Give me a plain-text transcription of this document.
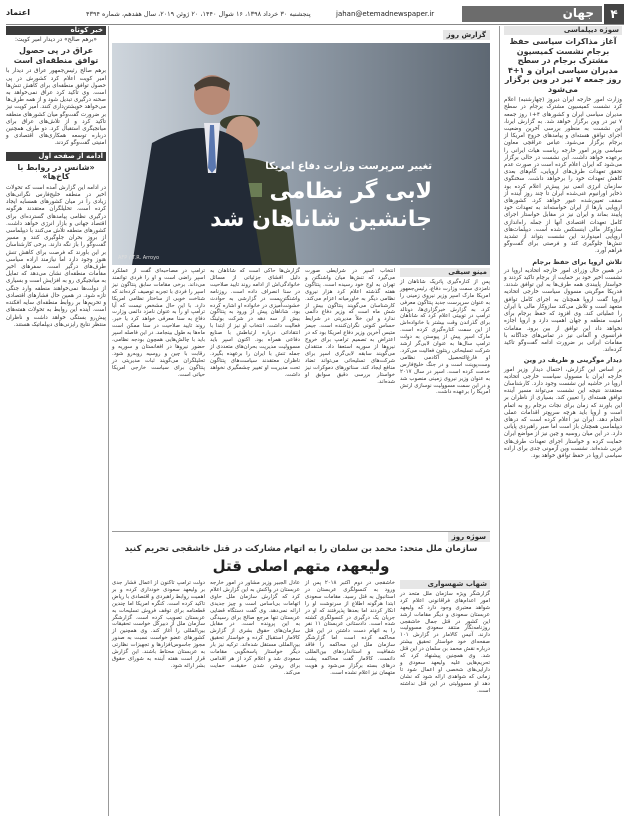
۴
جهان
jahan@etemadnewspaper.ir
پنجشنبه ۳۰ خرداد ۱۳۹۸، ۱۶ شوال ۱۴۴۰، ۲۰ ژوئن ۲۰۱۹، سال هفدهم، شماره ۴۳۹۴
اعتماد
سوژه دیپلماسی
آغاز مذاکرات سیاسی حفظ برجام نشست کمیسیون مشترک برجام در سطح مدیران سیاسی ایران و ۱+۴ روز جمعه ۷ تیر در وین برگزار می‌شود
وزارت امور خارجه ایران دیروز (چهارشنبه) اعلام کرد نشست کمیسیون مشترک برجام در سطح مدیران سیاسی ایران و کشورهای ۴+۱ روز جمعه ۷ تیر در وین برگزار خواهد شد. به گزارش ایرنا، این نشست به منظور بررسی آخرین وضعیت اجرای توافق هسته‌ای و پیامدهای خروج امریکا از برجام برگزار می‌شود. عباس عراقچی معاون سیاسی وزیر امور خارجه ریاست هیات ایرانی را برعهده خواهد داشت. این نشست در حالی برگزار می‌شود که ایران اعلام کرده است در صورت عدم تحقق تعهدات طرف‌های اروپایی، گام‌های بعدی کاهش تعهدات خود را برخواهد داشت. سخنگوی سازمان انرژی اتمی نیز پیش‌تر اعلام کرده بود ذخایر اورانیوم غنی‌شده ایران تا چند روز آینده از سقف تعیین‌شده عبور خواهد کرد. کشورهای اروپایی بارها از ایران خواسته‌اند به تعهدات خود پایبند بماند و ایران نیز در مقابل خواستار اجرای کامل تعهدات اقتصادی آنها از جمله راه‌اندازی سازوکار مالی اینستکس شده است. دیپلمات‌های اروپایی امیدوارند این نشست بتواند از تشدید تنش‌ها جلوگیری کند و فرصتی برای گفت‌وگو فراهم آورد.
تلاش اروپا برای حفظ برجام
در همین حال وزرای امور خارجه اتحادیه اروپا در نشست اخیر خود بر حمایت از برجام تاکید کردند و خواستار پایبندی همه طرف‌ها به این توافق شدند. فدریکا موگرینی مسوول سیاست خارجی اتحادیه اروپا گفت اروپا همچنان به اجرای کامل توافق متعهد است و تلاش می‌کند سازوکار مالی با ایران را عملیاتی کند. وی افزود که حفظ برجام برای امنیت منطقه و جهان اهمیت دارد و اروپا اجازه نخواهد داد این توافق از بین برود. مقامات فرانسوی و آلمانی نیز در تماس‌های جداگانه با مقامات ایرانی بر ضرورت ادامه گفت‌وگو تاکید کرده‌اند.
دیدار موگرینی و ظریف در وین
بر اساس این گزارش، احتمال دیدار وزیر امور خارجه ایران با مسوول سیاست خارجی اتحادیه اروپا در حاشیه این نشست وجود دارد. کارشناسان معتقدند نتیجه این نشست می‌تواند مسیر آینده توافق هسته‌ای را تعیین کند. بسیاری از ناظران بر این باورند که زمان برای نجات برجام رو به اتمام است و اروپا باید هرچه سریع‌تر اقدامات عملی انجام دهد. ایران نیز اعلام کرده است که درهای دیپلماسی همچنان باز است اما صبر راهبردی پایانی دارد. در این میان روسیه و چین نیز از مواضع ایران حمایت کرده و خواستار اجرای تعهدات طرف‌های غربی شده‌اند. نشست وین آزمونی جدی برای اراده سیاسی اروپا در حفظ توافق خواهد بود.
خبر کوتاه
«برهم صالح» در دیدار امیر کویت:
عراق در پی حصول توافق منطقه‌ای است
برهم صالح رئیس‌جمهور عراق در دیدار با امیر کویت اعلام کرد کشورش در پی حصول توافق منطقه‌ای برای کاهش تنش‌ها است. وی تاکید کرد عراق نمی‌خواهد به صحنه درگیری تبدیل شود و از همه طرف‌ها می‌خواهد خویشتن‌داری کنند. امیر کویت نیز بر ضرورت گفت‌وگو میان کشورهای منطقه تاکید کرد و از تلاش‌های عراق برای میانجیگری استقبال کرد. دو طرف همچنین درباره توسعه همکاری‌های اقتصادی و امنیتی گفت‌وگو کردند.
ادامه از صفحه اول
«شانس در روابط با کاخ‌ها»
در ادامه این گزارش آمده است که تحولات اخیر در منطقه خلیج‌فارس نگرانی‌های زیادی را در میان کشورهای همسایه ایجاد کرده است. تحلیلگران معتقدند هرگونه درگیری نظامی پیامدهای گسترده‌ای برای اقتصاد جهانی و بازار انرژی خواهد داشت. کشورهای منطقه تلاش می‌کنند با دیپلماسی از بروز بحران جلوگیری کنند و مسیر گفت‌وگو را باز نگه دارند. برخی کارشناسان بر این باورند که فرصت برای کاهش تنش هنوز وجود دارد اما نیازمند اراده سیاسی طرف‌های درگیر است. سفرهای اخیر مقامات منطقه‌ای نشان می‌دهد که تمایل به میانجیگری رو به افزایش است و بسیاری از دولت‌ها نمی‌خواهند منطقه وارد جنگی تازه شود. در همین حال فشارهای اقتصادی و تحریم‌ها بر روابط منطقه‌ای سایه افکنده است. آینده این روابط به تحولات هفته‌های پیش‌رو بستگی خواهد داشت و ناظران منتظر نتایج رایزنی‌های دیپلماتیک هستند.
گزارش روز
تغییر سرپرست وزارت دفاع امریکا
لابی گر نظامی
جانشین شاناهان شد
AFP / T.R. Arroyo
مینو سیفی
پس از کناره‌گیری پاتریک شاناهان از نامزدی سمت وزارت دفاع، رئیس‌جمهور امریکا مارک اسپر وزیر نیروی زمینی را به عنوان سرپرست جدید پنتاگون معرفی کرد. به گزارش خبرگزاری‌ها، دونالد ترامپ در توییتی اعلام کرد که شاناهان برای گذراندن وقت بیشتر با خانواده‌اش از این سمت کناره‌گیری کرده است. مارک اسپر پیش از پیوستن به دولت ترامپ سال‌ها به عنوان لابی‌گر ارشد شرکت تسلیحاتی ریتئون فعالیت می‌کرد. او فارغ‌التحصیل آکادمی نظامی وست‌پوینت است و در جنگ خلیج‌فارس خدمت کرده است. اسپر در سال ۲۰۱۷ به عنوان وزیر نیروی زمینی منصوب شد و در این سمت مسوولیت نوسازی ارتش امریکا را برعهده داشت.
انتخاب اسپر در شرایطی صورت می‌گیرد که تنش‌ها میان واشنگتن و تهران به اوج خود رسیده است. پنتاگون هفته گذشته اعلام کرد هزار نیروی نظامی دیگر به خاورمیانه اعزام می‌کند. کارشناسان می‌گویند پنتاگون بیش از شش ماه است که وزیر دفاع دائمی ندارد و این خلأ مدیریتی در شرایط حساس کنونی نگران‌کننده است. جیمز متیس آخرین وزیر دفاع امریکا بود که در اعتراض به تصمیم ترامپ برای خروج نیروها از سوریه استعفا داد. منتقدان می‌گویند سابقه لابی‌گری اسپر برای شرکت‌های تسلیحاتی می‌تواند تضاد منافع ایجاد کند. سناتورهای دموکرات نیز خواستار بررسی دقیق سوابق او شده‌اند.
گزارش‌ها حاکی است که شاناهان به دلیل افشای جزئیاتی از مسائل خانوادگی‌اش از ادامه روند تایید صلاحیت در سنا انصراف داده است. روزنامه واشنگتن‌پست در گزارشی به حوادث خشونت‌آمیزی در خانواده او اشاره کرده بود. شاناهان پیش از ورود به پنتاگون بیش از سه دهه در شرکت بوئینگ فعالیت داشت. انتخاب او نیز از ابتدا با انتقاداتی درباره ارتباطش با صنایع دفاعی همراه بود. اکنون اسپر باید مسوولیت مدیریت بحران‌های متعددی از جمله تنش با ایران را برعهده بگیرد. ناظران معتقدند سیاست‌های پنتاگون تحت مدیریت او تغییر چشمگیری نخواهد داشت.
ترامپ در مصاحبه‌ای گفت از عملکرد اسپر راضی است و او را فردی توانمند می‌داند. برخی مقامات سابق پنتاگون نیز اسپر را فردی با تجربه توصیف کرده‌اند که شناخت خوبی از ساختار نظامی امریکا دارد. با این حال مشخص نیست که آیا ترامپ او را به عنوان نامزد دائمی وزارت دفاع به سنا معرفی خواهد کرد یا خیر. روند تایید صلاحیت در سنا ممکن است ماه‌ها به طول بینجامد. در این فاصله اسپر باید با چالش‌هایی همچون بودجه نظامی، حضور نیروها در افغانستان و سوریه و رقابت با چین و روسیه روبه‌رو شود. تحلیلگران می‌گویند ثبات مدیریتی در پنتاگون برای سیاست خارجی امریکا حیاتی است.
سوژه روز
سازمان ملل متحد: محمد بن سلمان را به اتهام مشارکت در قتل خاشقجی تحریم کنید
ولیعهد، متهم اصلی قتل
شهاب شهسواری
گزارشگر ویژه سازمان ملل متحد در امور اعدام‌های فراقانونی اعلام کرد شواهد معتبری وجود دارد که ولیعهد عربستان سعودی و دیگر مقامات ارشد این کشور در قتل جمال خاشقجی روزنامه‌نگار منتقد سعودی مسوولیت دارند. آنیس کالامار در گزارش ۱۰۱ صفحه‌ای خود خواستار تحقیق بیشتر درباره نقش محمد بن سلمان در این قتل شد. وی همچنین پیشنهاد کرد که تحریم‌هایی علیه ولیعهد سعودی و دارایی‌های شخصی او اعمال شود تا زمانی که شواهدی ارائه شود که نشان دهد او مسوولیتی در این قتل نداشته است.
خاشقجی در دوم اکتبر ۲۰۱۸ پس از ورود به کنسولگری عربستان در استانبول به قتل رسید. مقامات سعودی ابتدا هرگونه اطلاع از سرنوشت او را انکار کردند اما بعدها پذیرفتند که او در جریان یک درگیری در کنسولگری کشته شده است. دادستانی عربستان ۱۱ نفر را به اتهام دست داشتن در این قتل محاکمه کرده است اما گزارشگر سازمان ملل این محاکمه را فاقد شفافیت و استانداردهای بین‌المللی دانست. کالامار گفت محاکمه پشت درهای بسته برگزار می‌شود و هویت متهمان نیز اعلام نشده است.
عادل الجبیر وزیر مشاور در امور خارجه عربستان در واکنش به این گزارش اعلام کرد که گزارش سازمان ملل حاوی اتهامات بی‌اساس است و چیز جدیدی ارائه نمی‌دهد. وی گفت دستگاه قضایی عربستان تنها مرجع صالح برای رسیدگی به این پرونده است. در مقابل سازمان‌های حقوق بشری از گزارش کالامار استقبال کرده و خواستار تحقیق بین‌المللی مستقل شده‌اند. ترکیه نیز بار دیگر خواستار پاسخگویی مقامات سعودی شد و اعلام کرد از هر اقدامی برای روشن شدن حقیقت حمایت می‌کند.
دولت ترامپ تاکنون از اعمال فشار جدی بر ولیعهد سعودی خودداری کرده و بر اهمیت روابط راهبردی و اقتصادی با ریاض تاکید کرده است. کنگره امریکا اما چندین قطعنامه برای توقف فروش تسلیحات به عربستان تصویب کرده است. گزارشگر سازمان ملل از دبیرکل خواست تحقیقات بین‌المللی را آغاز کند. وی همچنین از کشورهای عضو خواست نسبت به صدور مجوز جاسوس‌افزارها و تجهیزات نظارتی به عربستان محتاط باشند. این گزارش قرار است هفته آینده به شورای حقوق بشر ارائه شود.
